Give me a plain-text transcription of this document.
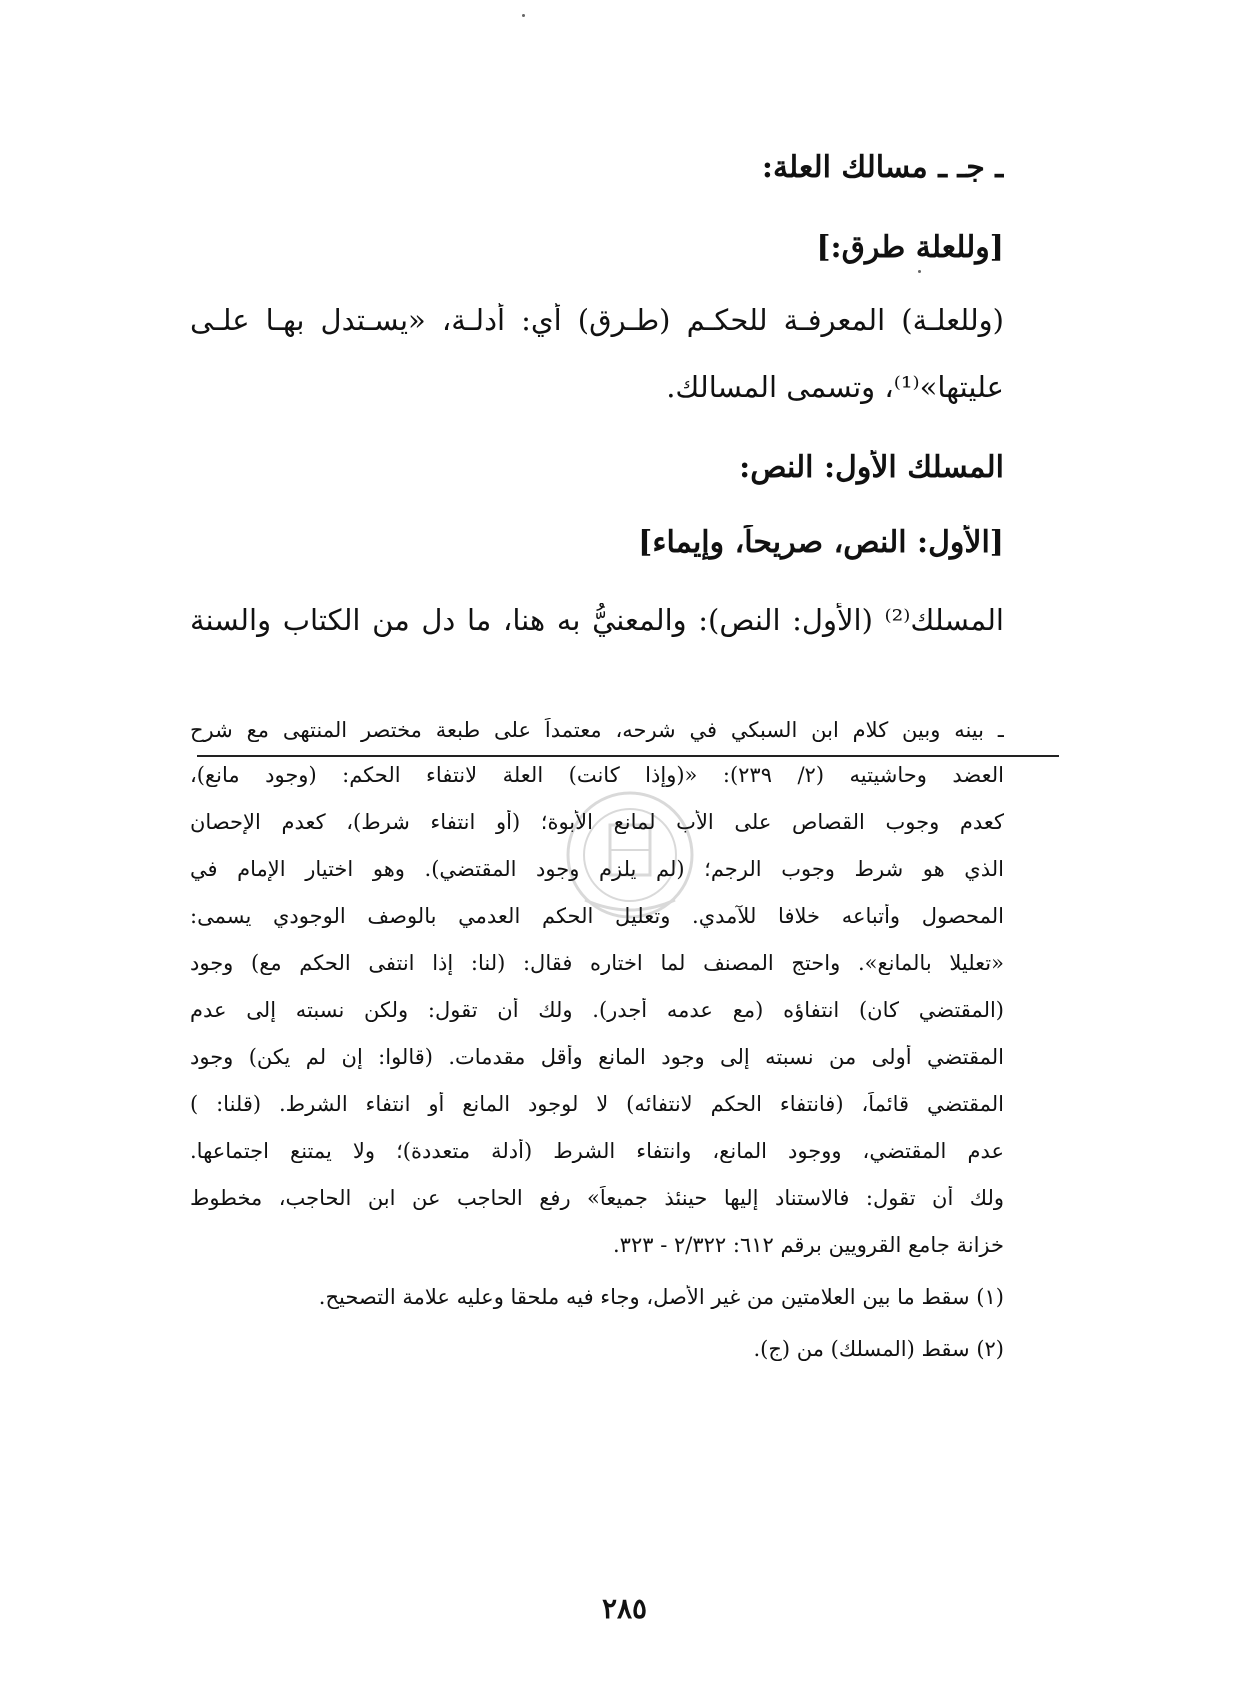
ـ جـ ـ مسالك العلة:
[وللعلة طرق:]
(وللعلـة) المعرفـة للحكـم (طـرق) أي: أدلـة، «يسـتدل بهـا علـى
عليتها»⁽¹⁾، وتسمى المسالك.
المسلك الأول: النص:
[الأول: النص، صريحاً، وإيماء]
المسلك⁽²⁾ (الأول: النص): والمعنيُّ به هنا، ما دل من الكتاب والسنة
ـ بينه وبين كلام ابن السبكي في شرحه، معتمداً على طبعة مختصر المنتهى مع شرح
العضد وحاشيتيه (٢/ ٢٣٩): «(وإذا كانت) العلة لانتفاء الحكم: (وجود مانع)،
كعدم وجوب القصاص على الأب لمانع الأبوة؛ (أو انتفاء شرط)، كعدم الإحصان
الذي هو شرط وجوب الرجم؛ (لم يلزم وجود المقتضي). وهو اختيار الإمام في
المحصول وأتباعه خلافا للآمدي. وتعليل الحكم العدمي بالوصف الوجودي يسمى:
«تعليلا بالمانع». واحتج المصنف لما اختاره فقال: (لنا: إذا انتفى الحكم مع) وجود
(المقتضي كان) انتفاؤه (مع عدمه أجدر). ولك أن تقول: ولكن نسبته إلى عدم
المقتضي أولى من نسبته إلى وجود المانع وأقل مقدمات. (قالوا: إن لم يكن) وجود
المقتضي قائماً، (فانتفاء الحكم لانتفائه) لا لوجود المانع أو انتفاء الشرط. (قلنا: )
عدم المقتضي، ووجود المانع، وانتفاء الشرط (أدلة متعددة)؛ ولا يمتنع اجتماعها.
ولك أن تقول: فالاستناد إليها حينئذ جميعاً» رفع الحاجب عن ابن الحاجب، مخطوط
خزانة جامع القرويين برقم ٦١٢: ٢/٣٢٢ - ٣٢٣.
(١) سقط ما بين العلامتين من غير الأصل، وجاء فيه ملحقا وعليه علامة التصحيح.
(٢) سقط (المسلك) من (ج).
٢٨٥
